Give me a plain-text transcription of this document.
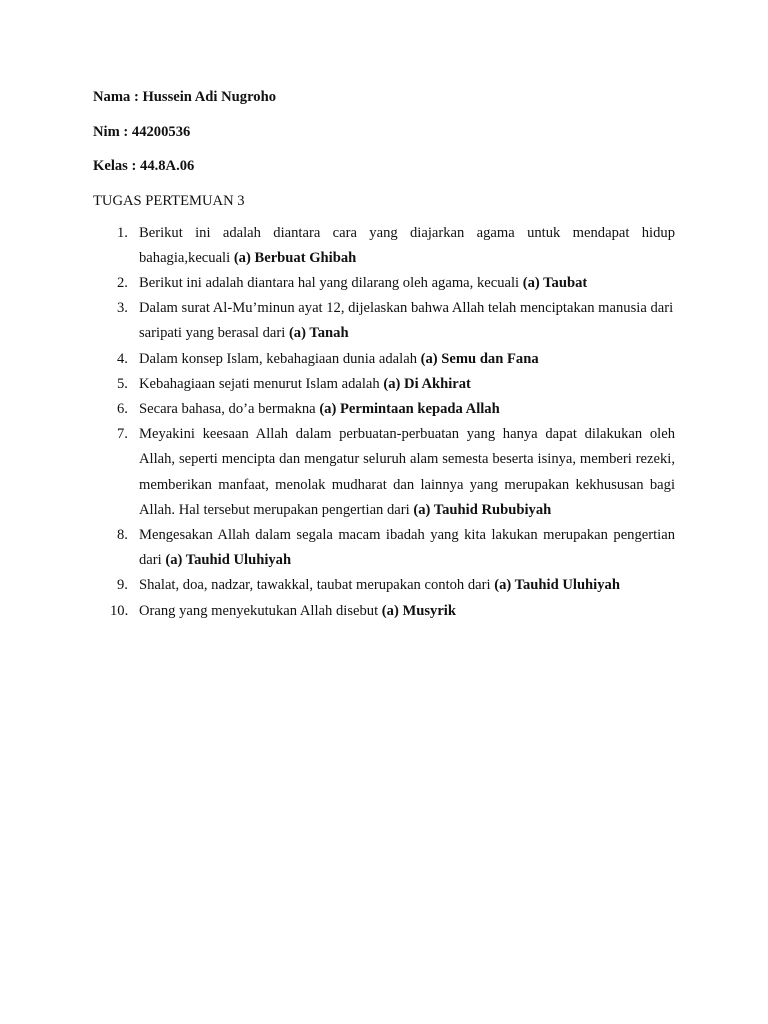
Nama : Hussein Adi Nugroho
Nim : 44200536
Kelas : 44.8A.06
TUGAS PERTEMUAN 3
1. Berikut ini adalah diantara cara yang diajarkan agama untuk mendapat hidup bahagia,kecuali (a) Berbuat Ghibah
2. Berikut ini adalah diantara hal yang dilarang oleh agama, kecuali (a) Taubat
3. Dalam surat Al-Mu’minun ayat 12, dijelaskan bahwa Allah telah menciptakan manusia dari saripati yang berasal dari (a) Tanah
4. Dalam konsep Islam, kebahagiaan dunia adalah (a) Semu dan Fana
5. Kebahagiaan sejati menurut Islam adalah (a) Di Akhirat
6. Secara bahasa, do’a bermakna (a) Permintaan kepada Allah
7. Meyakini keesaan Allah dalam perbuatan-perbuatan yang hanya dapat dilakukan oleh Allah, seperti mencipta dan mengatur seluruh alam semesta beserta isinya, memberi rezeki, memberikan manfaat, menolak mudharat dan lainnya yang merupakan kekhususan bagi Allah. Hal tersebut merupakan pengertian dari (a) Tauhid Rububiyah
8. Mengesakan Allah dalam segala macam ibadah yang kita lakukan merupakan pengertian dari (a) Tauhid Uluhiyah
9. Shalat, doa, nadzar, tawakkal, taubat merupakan contoh dari (a) Tauhid Uluhiyah
10. Orang yang menyekutukan Allah disebut (a) Musyrik
